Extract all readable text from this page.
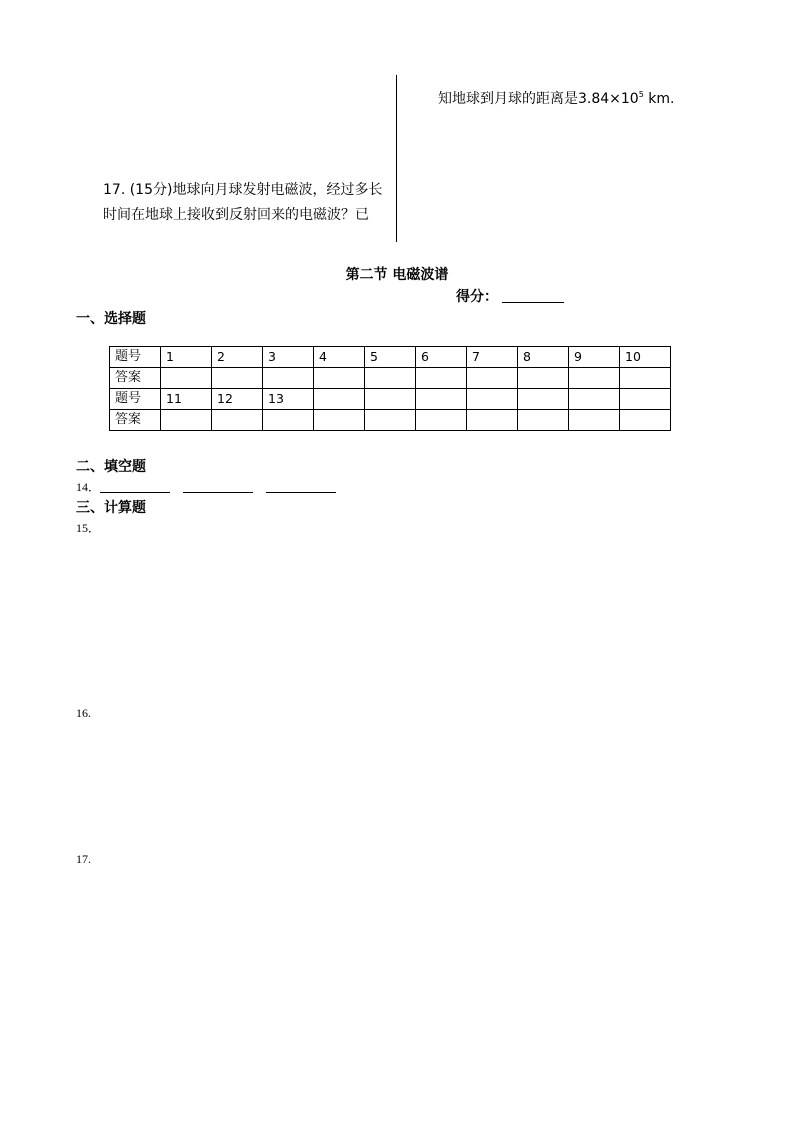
17. (15分)地球向月球发射电磁波，经过多长时间在地球上接收到反射回来的电磁波？已
知地球到月球的距离是$3.84\times 10^5$ km.
第二节 电磁波谱
得分：
一、选择题
题号	1	2	3	4	5	6	7	8	9	10
答案										
题号	11	12	13							
答案										
二、填空题
14．
三、计算题
15．
16.
17.
